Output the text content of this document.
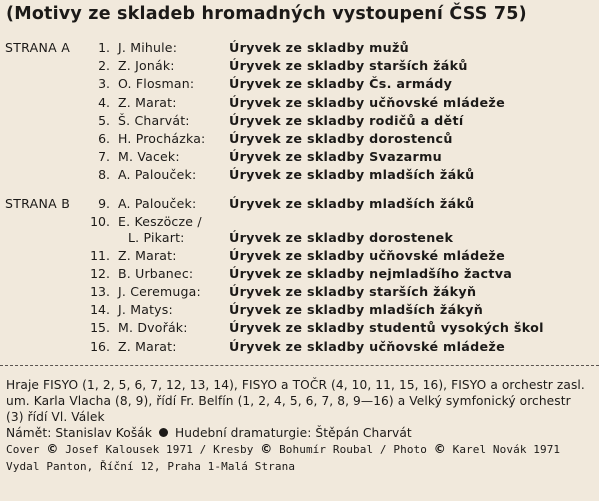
(Motivy ze skladeb hromadných vystoupení ČSS 75)
STRANA A	1. J. Mihule:	Úryvek ze skladby mužů
2. Z. Jonák:	Úryvek ze skladby starších žáků
3. O. Flosman:	Úryvek ze skladby Čs. armády
4. Z. Marat:	Úryvek ze skladby učňovské mládeže
5. Š. Charvát:	Úryvek ze skladby rodičů a dětí
6. H. Procházka: Úryvek ze skladby dorostenců
7. M. Vacek:	Úryvek ze skladby Svazarmu
8. A. Palouček:	Úryvek ze skladby mladších žáků
STRANA B	9. A. Palouček:	Úryvek ze skladby mladších žáků
10. E. Keszöcze /
L. Pikart:	Úryvek ze skladby dorostenek
11. Z. Marat:	Úryvek ze skladby učňovské mládeže
12. B. Urbanec:	Úryvek ze skladby nejmladšího žactva
13. J. Ceremuga: Úryvek ze skladby starších žákyň
14. J. Matys:	Úryvek ze skladby mladších žákyň
15. M. Dvořák:	Úryvek ze skladby studentů vysokých škol
16. Z. Marat:	Úryvek ze skladby učňovské mládeže

Hraje FISYO (1, 2, 5, 6, 7, 12, 13, 14), FISYO a TOČR (4, 10, 11, 15, 16), FISYO a orchestr zasl. um. Karla Vlacha (8, 9), řídí Fr. Belfín (1, 2, 4, 5, 6, 7, 8, 9—16) a Velký symfonický orchestr (3) řídí Vl. Válek

Námět: Stanislav Košák Hudební dramaturgie: Štěpán Charvát

Cover © Josef Kalousek 1971 / Kresby © Bohumír Roubal / Photo © Karel Novák 1971

Vydal Panton, Říční 12, Praha 1-Malá Strana
